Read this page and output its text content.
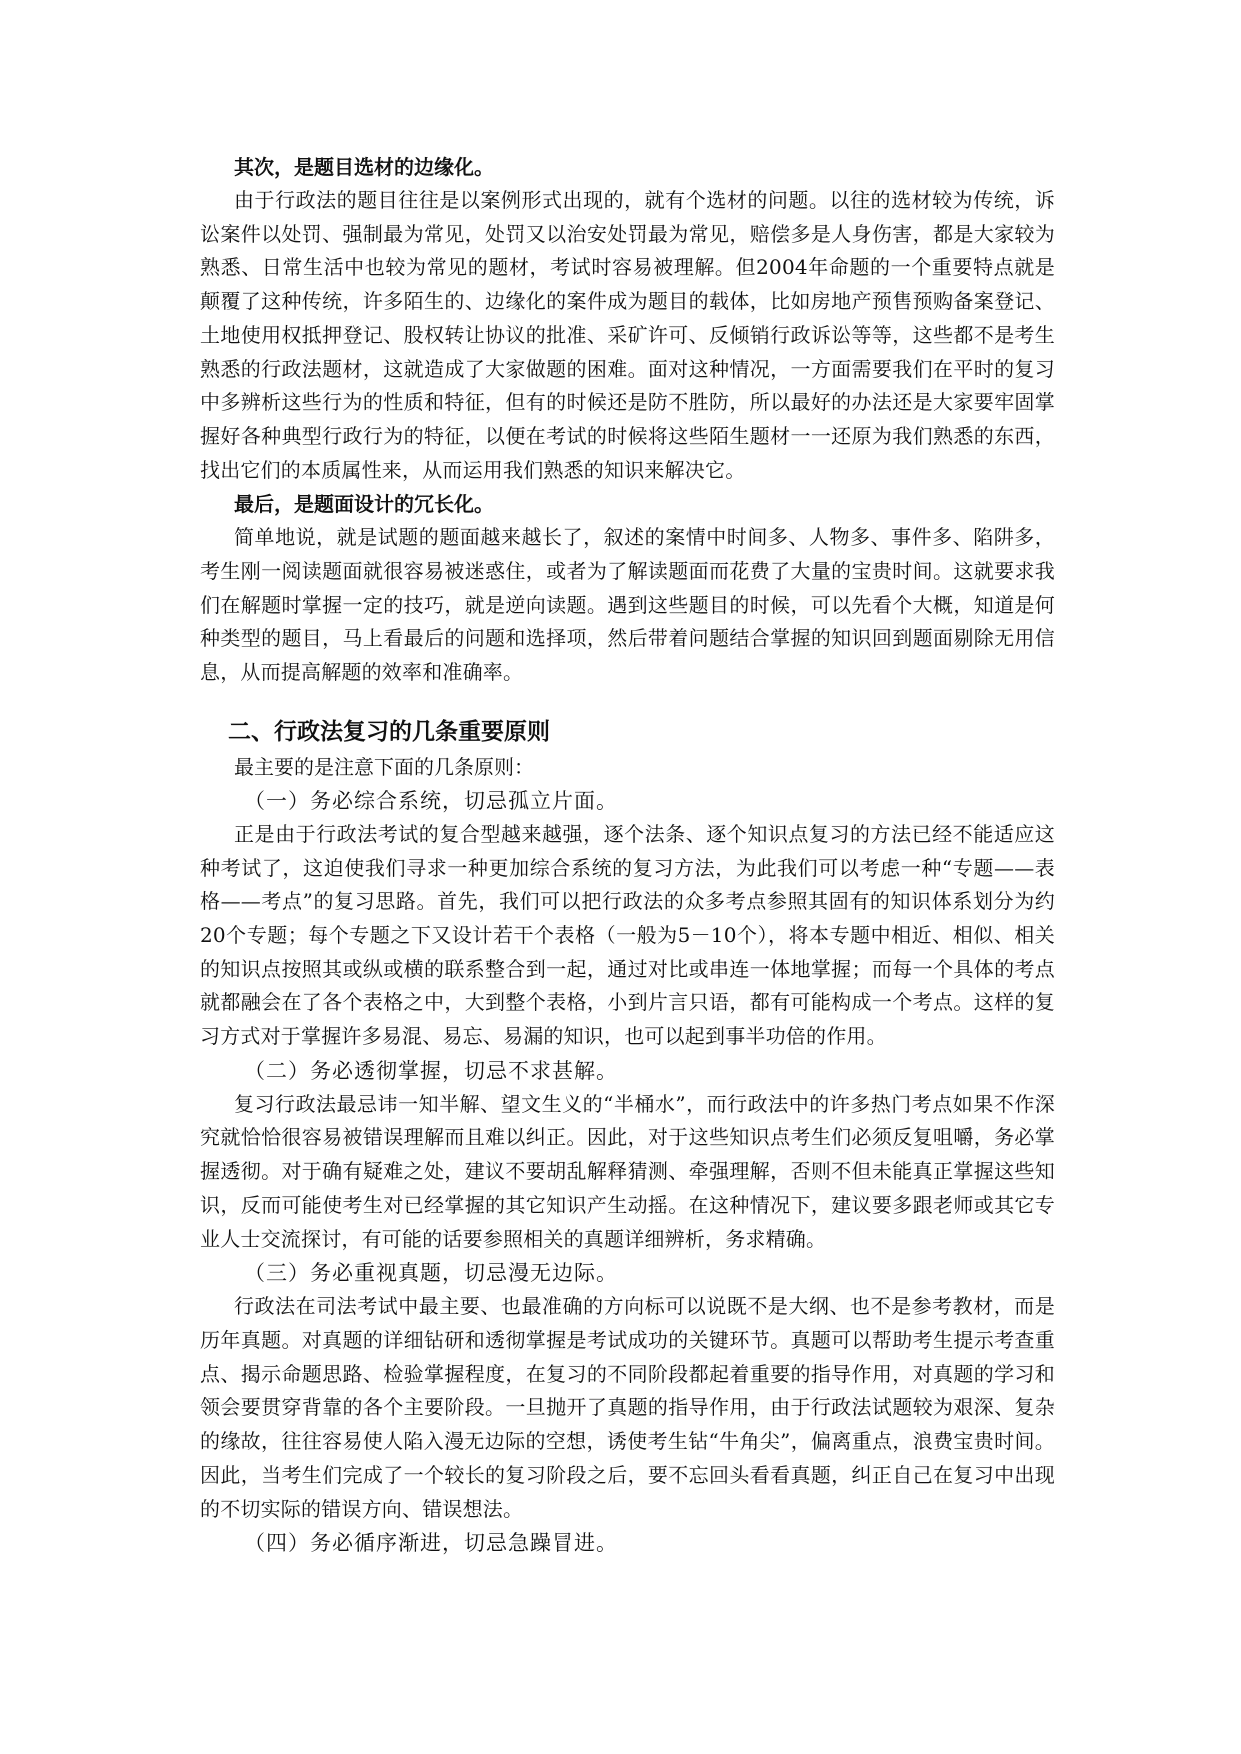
其次，是题目选材的边缘化。

由于行政法的题目往往是以案例形式出现的，就有个选材的问题。以往的选材较为传统，诉讼案件以处罚、强制最为常见，处罚又以治安处罚最为常见，赔偿多是人身伤害，都是大家较为熟悉、日常生活中也较为常见的题材，考试时容易被理解。但2004年命题的一个重要特点就是颠覆了这种传统，许多陌生的、边缘化的案件成为题目的载体，比如房地产预售预购备案登记、土地使用权抵押登记、股权转让协议的批准、采矿许可、反倾销行政诉讼等等，这些都不是考生熟悉的行政法题材，这就造成了大家做题的困难。面对这种情况，一方面需要我们在平时的复习中多辨析这些行为的性质和特征，但有的时候还是防不胜防，所以最好的办法还是大家要牢固掌握好各种典型行政行为的特征，以便在考试的时候将这些陌生题材一一还原为我们熟悉的东西，找出它们的本质属性来，从而运用我们熟悉的知识来解决它。

最后，是题面设计的冗长化。

简单地说，就是试题的题面越来越长了，叙述的案情中时间多、人物多、事件多、陷阱多，考生刚一阅读题面就很容易被迷惑住，或者为了解读题面而花费了大量的宝贵时间。这就要求我们在解题时掌握一定的技巧，就是逆向读题。遇到这些题目的时候，可以先看个大概，知道是何种类型的题目，马上看最后的问题和选择项，然后带着问题结合掌握的知识回到题面剔除无用信息，从而提高解题的效率和准确率。

二、行政法复习的几条重要原则

最主要的是注意下面的几条原则：

（一）务必综合系统，切忌孤立片面。

正是由于行政法考试的复合型越来越强，逐个法条、逐个知识点复习的方法已经不能适应这种考试了，这迫使我们寻求一种更加综合系统的复习方法，为此我们可以考虑一种“专题——表格——考点”的复习思路。首先，我们可以把行政法的众多考点参照其固有的知识体系划分为约20个专题；每个专题之下又设计若干个表格（一般为5－10个），将本专题中相近、相似、相关的知识点按照其或纵或横的联系整合到一起，通过对比或串连一体地掌握；而每一个具体的考点就都融会在了各个表格之中，大到整个表格，小到片言只语，都有可能构成一个考点。这样的复习方式对于掌握许多易混、易忘、易漏的知识，也可以起到事半功倍的作用。

（二）务必透彻掌握，切忌不求甚解。

复习行政法最忌讳一知半解、望文生义的“半桶水”，而行政法中的许多热门考点如果不作深究就恰恰很容易被错误理解而且难以纠正。因此，对于这些知识点考生们必须反复咀嚼，务必掌握透彻。对于确有疑难之处，建议不要胡乱解释猜测、牵强理解，否则不但未能真正掌握这些知识，反而可能使考生对已经掌握的其它知识产生动摇。在这种情况下，建议要多跟老师或其它专业人士交流探讨，有可能的话要参照相关的真题详细辨析，务求精确。

（三）务必重视真题，切忌漫无边际。

行政法在司法考试中最主要、也最准确的方向标可以说既不是大纲、也不是参考教材，而是历年真题。对真题的详细钻研和透彻掌握是考试成功的关键环节。真题可以帮助考生提示考查重点、揭示命题思路、检验掌握程度，在复习的不同阶段都起着重要的指导作用，对真题的学习和领会要贯穿背靠的各个主要阶段。一旦抛开了真题的指导作用，由于行政法试题较为艰深、复杂的缘故，往往容易使人陷入漫无边际的空想，诱使考生钻“牛角尖”，偏离重点，浪费宝贵时间。因此，当考生们完成了一个较长的复习阶段之后，要不忘回头看看真题，纠正自己在复习中出现的不切实际的错误方向、错误想法。

（四）务必循序渐进，切忌急躁冒进。
